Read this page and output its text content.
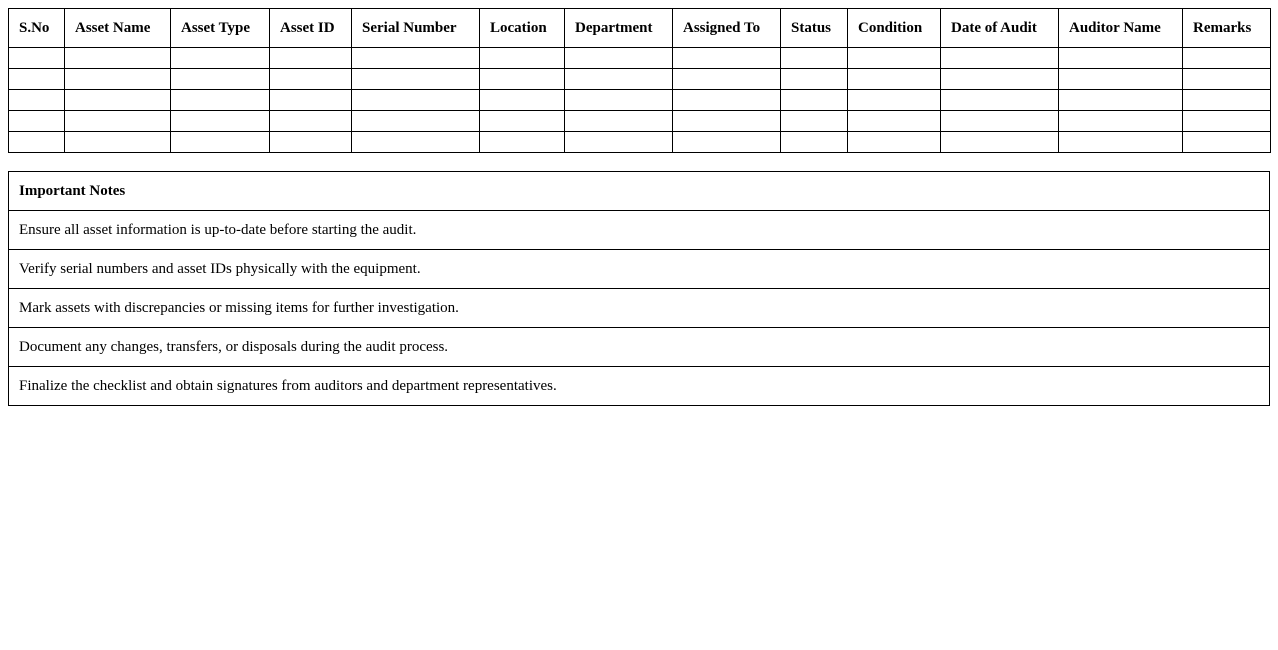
S.No	Asset Name	Asset Type	Asset ID	Serial Number	Location	Department	Assigned To	Status	Condition	Date of Audit	Auditor Name	Remarks

Important Notes
Ensure all asset information is up-to-date before starting the audit.
Verify serial numbers and asset IDs physically with the equipment.
Mark assets with discrepancies or missing items for further investigation.
Document any changes, transfers, or disposals during the audit process.
Finalize the checklist and obtain signatures from auditors and department representatives.
